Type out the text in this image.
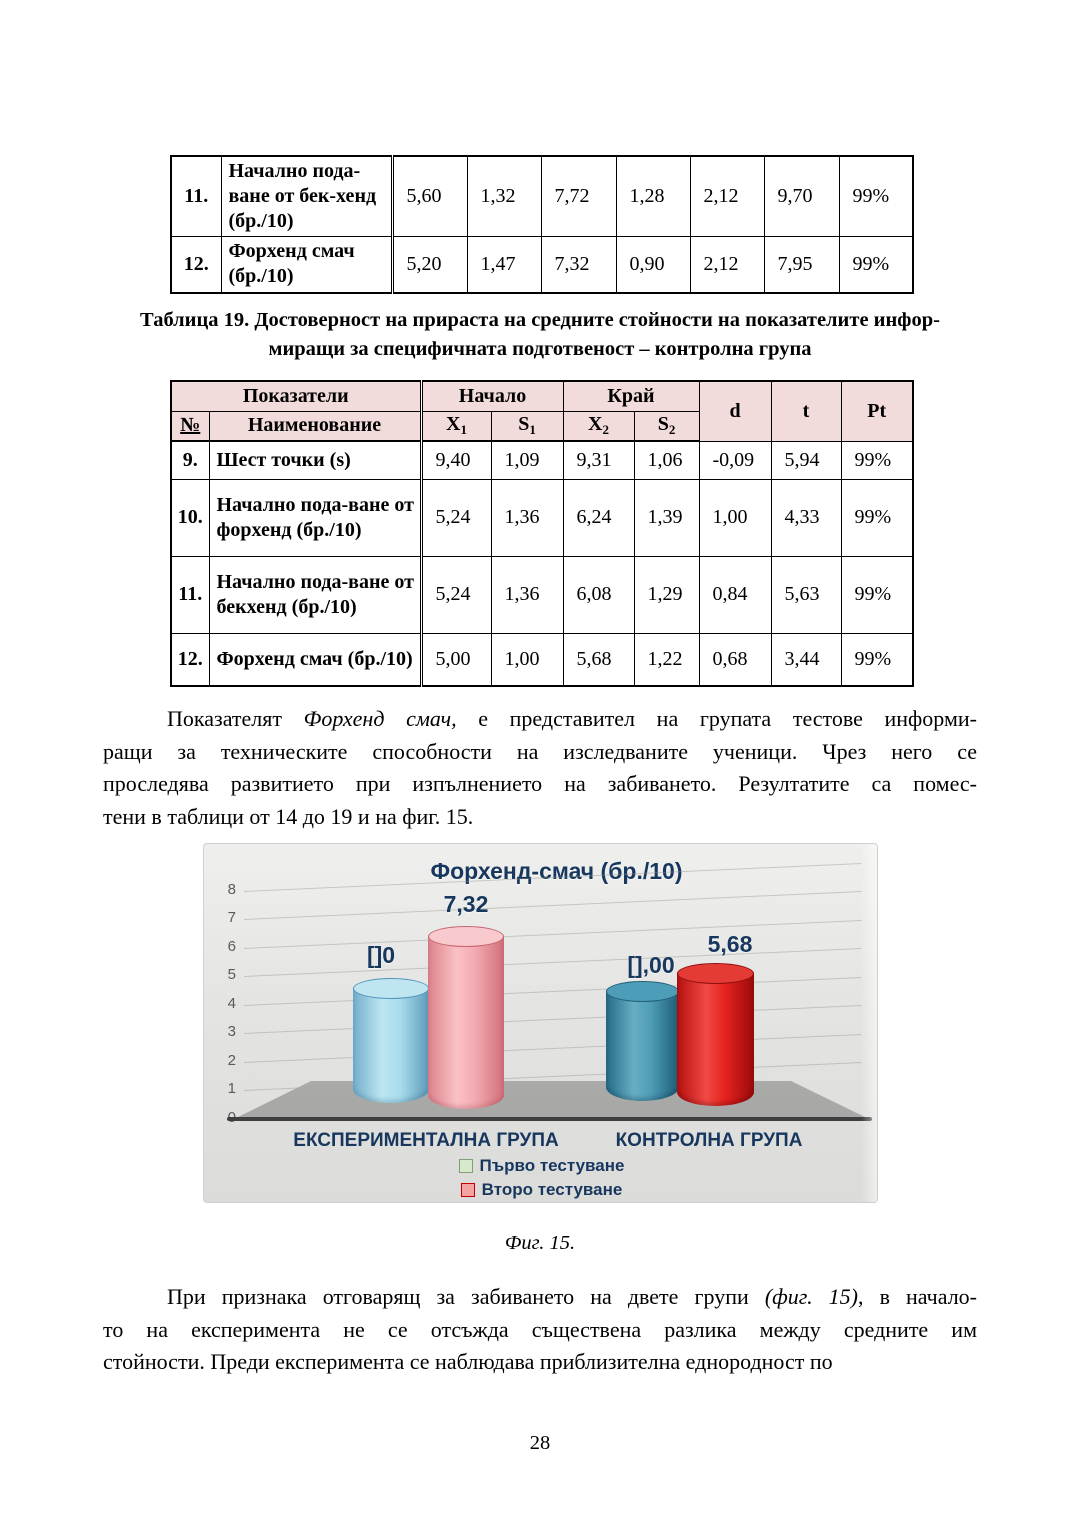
11.	Начално пода-ване от бек-хенд (бр./10)	5,60	1,32	7,72	1,28	2,12	9,70	99%
12.	Форхенд смач (бр./10)	5,20	1,47	7,32	0,90	2,12	7,95	99%
Таблица 19. Достоверност на прираста на средните стойности на показателите инфор-
миращи за специфичната подготвеност – контролна група
Показатели		Начало		Край		d	t	Pt
№	Наименование	$X_1$	$S_1$	$X_2$	$S_2$
9.	Шест точки (s)	9,40	1,09	9,31	1,06	-0,09	5,94	99%
10.	Начално пода-ване от форхенд (бр./10)	5,24	1,36	6,24	1,39	1,00	4,33	99%
11.	Начално пода-ване от бекхенд (бр./10)	5,24	1,36	6,08	1,29	0,84	5,63	99%
12.	Форхенд смач (бр./10)	5,00	1,00	5,68	1,22	0,68	3,44	99%
Показателят Форхенд смач, е представител на групата тестове информи-
ращи за техническите способности на изследваните ученици. Чрез него се
проследява развитието при изпълнението на забиването. Резултатите са помес-
тени в таблици от 14 до 19 и на фиг. 15.
Форхенд-смач (бр./10)
8
7
6
5
4
3
2
1
[]0
7,32
[],00
5,68
ЕКСПЕРИМЕНТАЛНА ГРУПА	КОНТРОЛНА ГРУПА
Първо тестуване
Второ тестуване
Фиг. 15.
При признака отговарящ за забиването на двете групи (фиг. 15), в начало-
то на експеримента не се отсъжда съществена разлика между средните им
стойности. Преди експеримента се наблюдава приблизителна еднородност по
28
